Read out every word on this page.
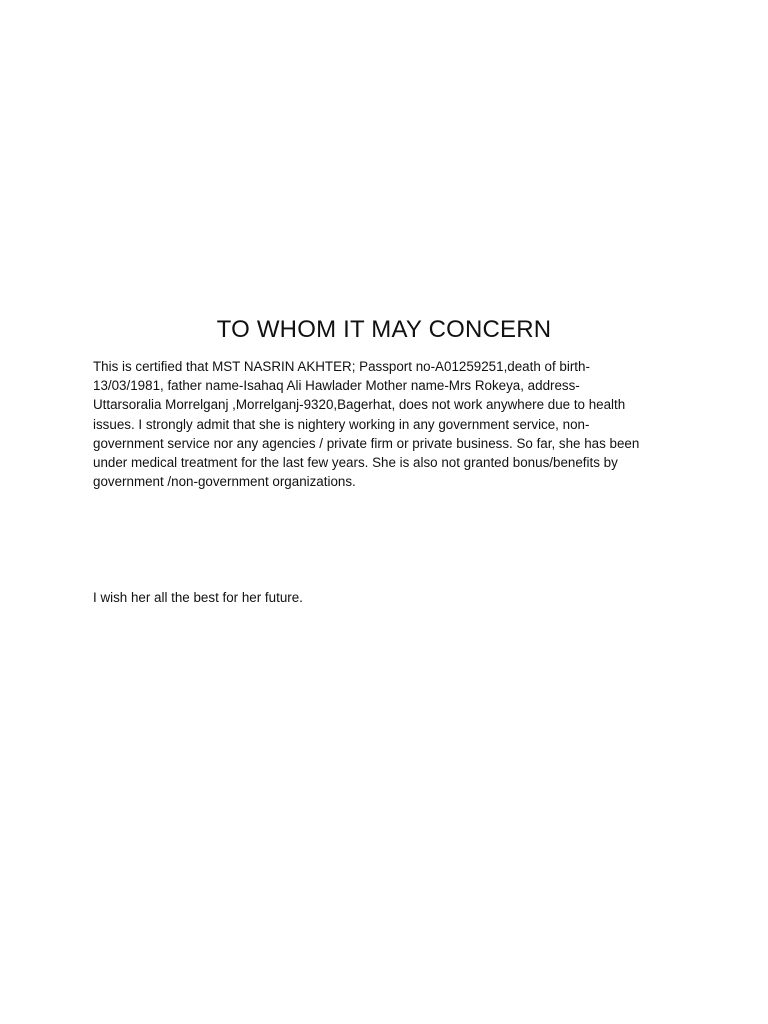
TO WHOM IT MAY CONCERN
This is certified that MST NASRIN AKHTER; Passport no-A01259251,death of birth-
13/03/1981, father name-Isahaq Ali Hawlader Mother name-Mrs Rokeya, address-
Uttarsoralia Morrelganj ,Morrelganj-9320,Bagerhat, does not work anywhere due to health
issues. I strongly admit that she is nightery working in any government service, non-
government service nor any agencies / private firm or private business. So far, she has been
under medical treatment for the last few years. She is also not granted bonus/benefits by
government /non-government organizations.
I wish her all the best for her future.
